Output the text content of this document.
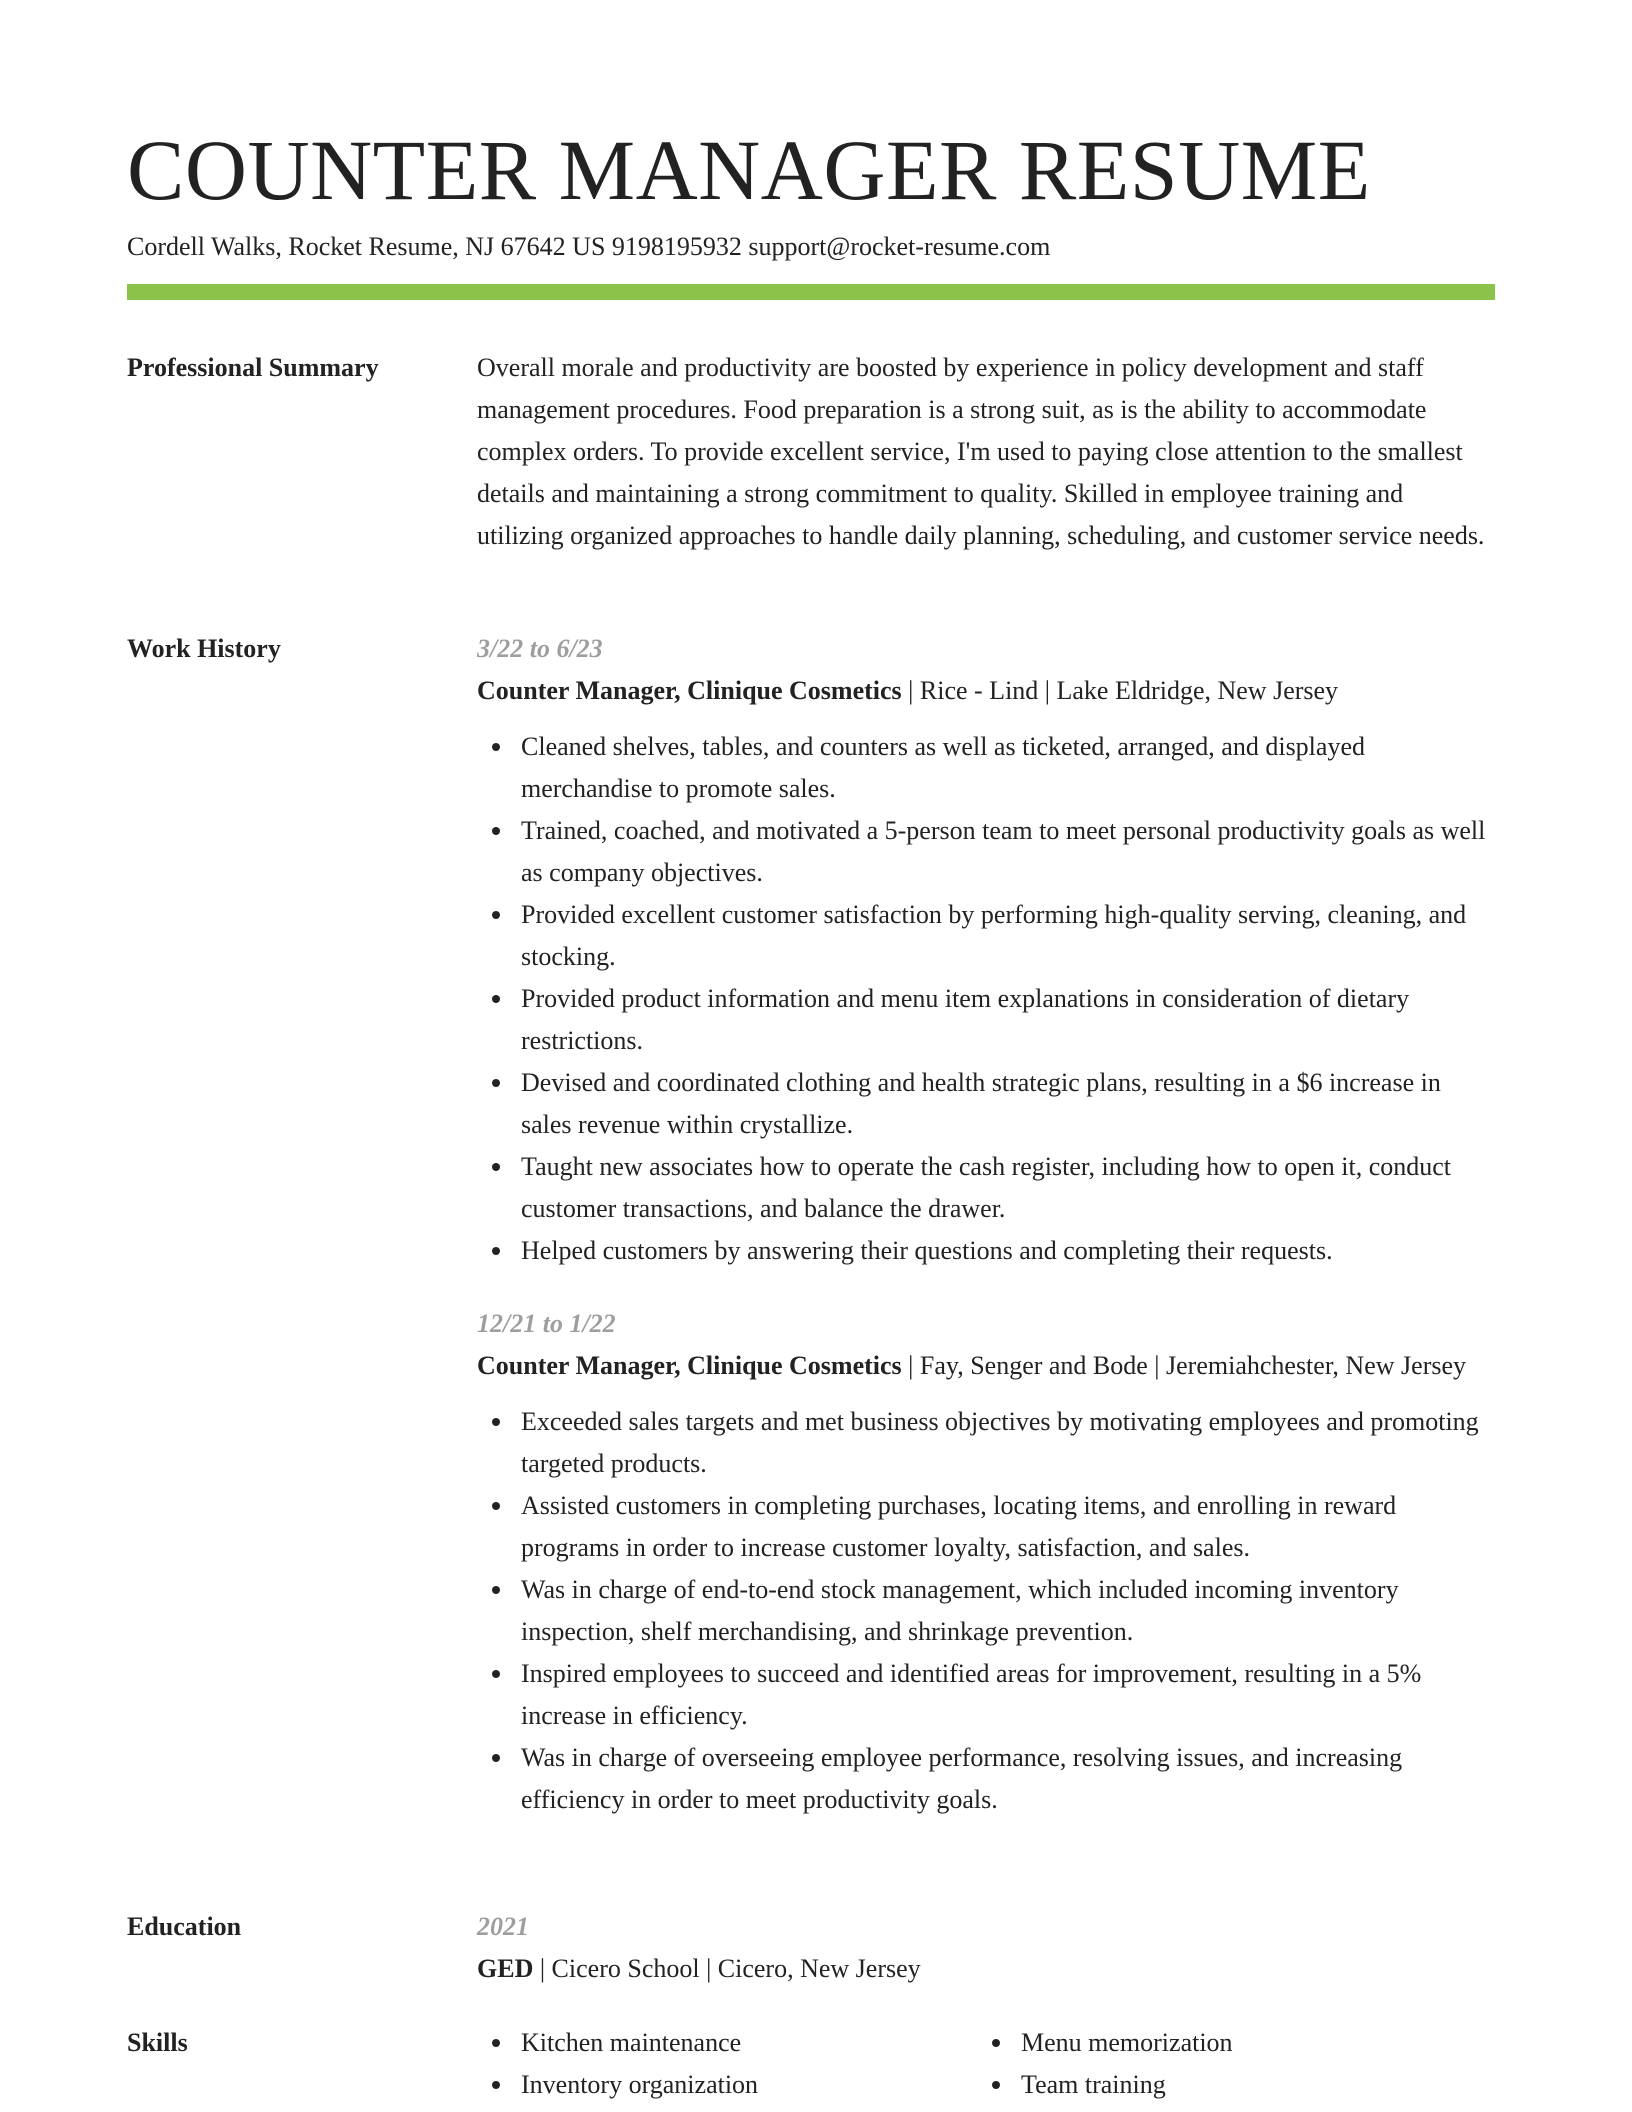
COUNTER MANAGER RESUME
Cordell Walks, Rocket Resume, NJ 67642 US 9198195932 support@rocket-resume.com
Professional Summary	Overall morale and productivity are boosted by experience in policy development and staff management procedures. Food preparation is a strong suit, as is the ability to accommodate complex orders. To provide excellent service, I'm used to paying close attention to the smallest details and maintaining a strong commitment to quality. Skilled in employee training and utilizing organized approaches to handle daily planning, scheduling, and customer service needs.

Work History	3/22 to 6/23

Counter Manager, Clinique Cosmetics | Rice - Lind | Lake Eldridge, New Jersey

Cleaned shelves, tables, and counters as well as ticketed, arranged, and displayed merchandise to promote sales.
Trained, coached, and motivated a 5-person team to meet personal productivity goals as well as company objectives.
Provided excellent customer satisfaction by performing high-quality serving, cleaning, and stocking.
Provided product information and menu item explanations in consideration of dietary restrictions.
Devised and coordinated clothing and health strategic plans, resulting in a $6 increase in sales revenue within crystallize.
Taught new associates how to operate the cash register, including how to open it, conduct customer transactions, and balance the drawer.
Helped customers by answering their questions and completing their requests.
12/21 to 1/22

Counter Manager, Clinique Cosmetics | Fay, Senger and Bode | Jeremiahchester, New Jersey

Exceeded sales targets and met business objectives by motivating employees and promoting targeted products.
Assisted customers in completing purchases, locating items, and enrolling in reward programs in order to increase customer loyalty, satisfaction, and sales.
Was in charge of end-to-end stock management, which included incoming inventory inspection, shelf merchandising, and shrinkage prevention.
Inspired employees to succeed and identified areas for improvement, resulting in a 5% increase in efficiency.
Was in charge of overseeing employee performance, resolving issues, and increasing efficiency in order to meet productivity goals.
Education	2021

GED | Cicero School | Cicero, New Jersey

Skills	Kitchen maintenance
Inventory organization
Menu memorization
Team training
